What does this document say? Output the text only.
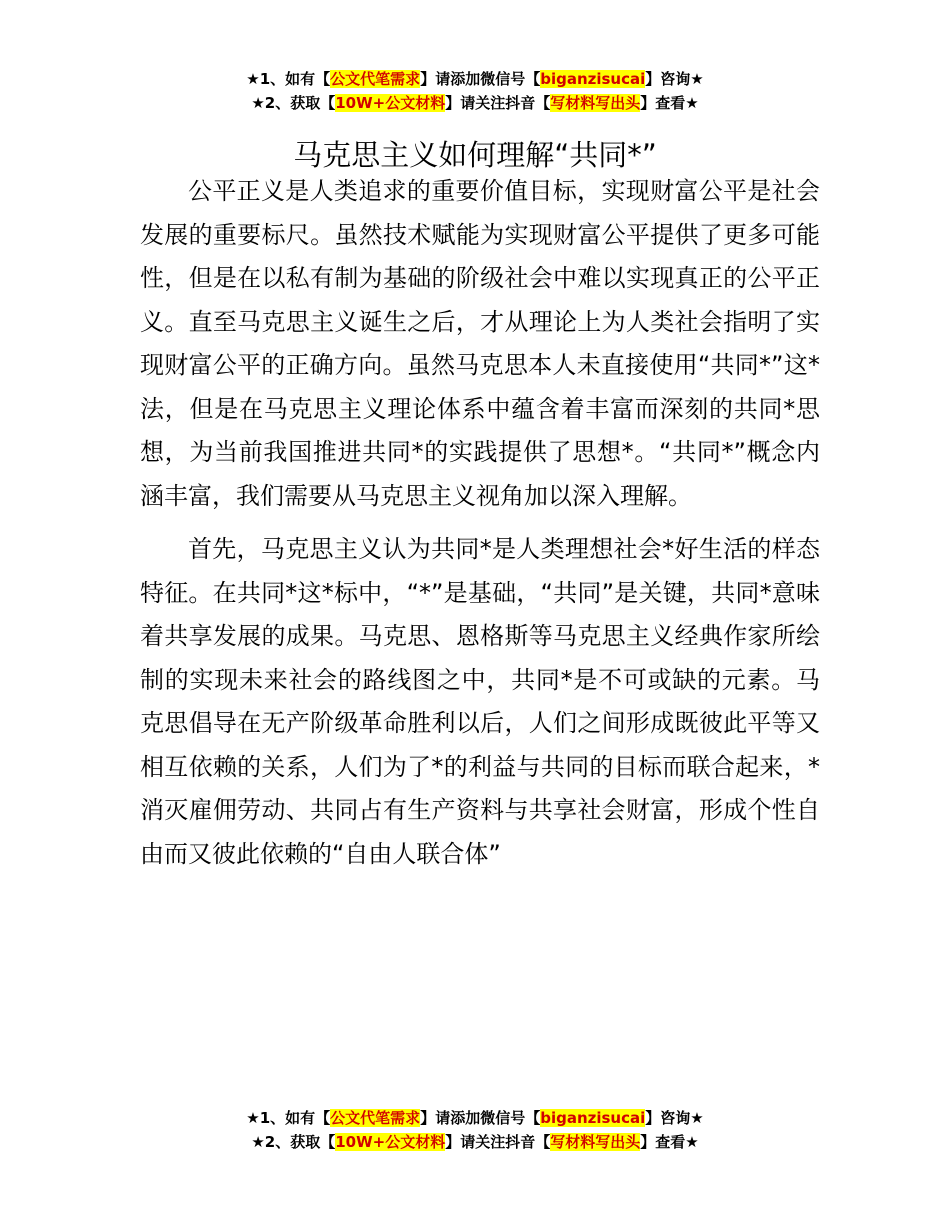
★1、如有【公文代笔需求】请添加微信号【biganzisucai】咨询★
★2、获取【10W+公文材料】请关注抖音【写材料写出头】查看★
马克思主义如何理解“共同*”

公平正义是人类追求的重要价值目标，实现财富公平是社会发展的重要标尺。虽然技术赋能为实现财富公平提供了更多可能性，但是在以私有制为基础的阶级社会中难以实现真正的公平正义。直至马克思主义诞生之后，才从理论上为人类社会指明了实现财富公平的正确方向。虽然马克思本人未直接使用“共同*”这*法，但是在马克思主义理论体系中蕴含着丰富而深刻的共同*思想，为当前我国推进共同*的实践提供了思想*。“共同*”概念内涵丰富，我们需要从马克思主义视角加以深入理解。

首先，马克思主义认为共同*是人类理想社会*好生活的样态特征。在共同*这*标中，“*”是基础，“共同”是关键，共同*意味着共享发展的成果。马克思、恩格斯等马克思主义经典作家所绘制的实现未来社会的路线图之中，共同*是不可或缺的元素。马克思倡导在无产阶级革命胜利以后，人们之间形成既彼此平等又相互依赖的关系，人们为了*的利益与共同的目标而联合起来，*消灭雇佣劳动、共同占有生产资料与共享社会财富，形成个性自由而又彼此依赖的“自由人联合体”

★1、如有【公文代笔需求】请添加微信号【biganzisucai】咨询★
★2、获取【10W+公文材料】请关注抖音【写材料写出头】查看★
